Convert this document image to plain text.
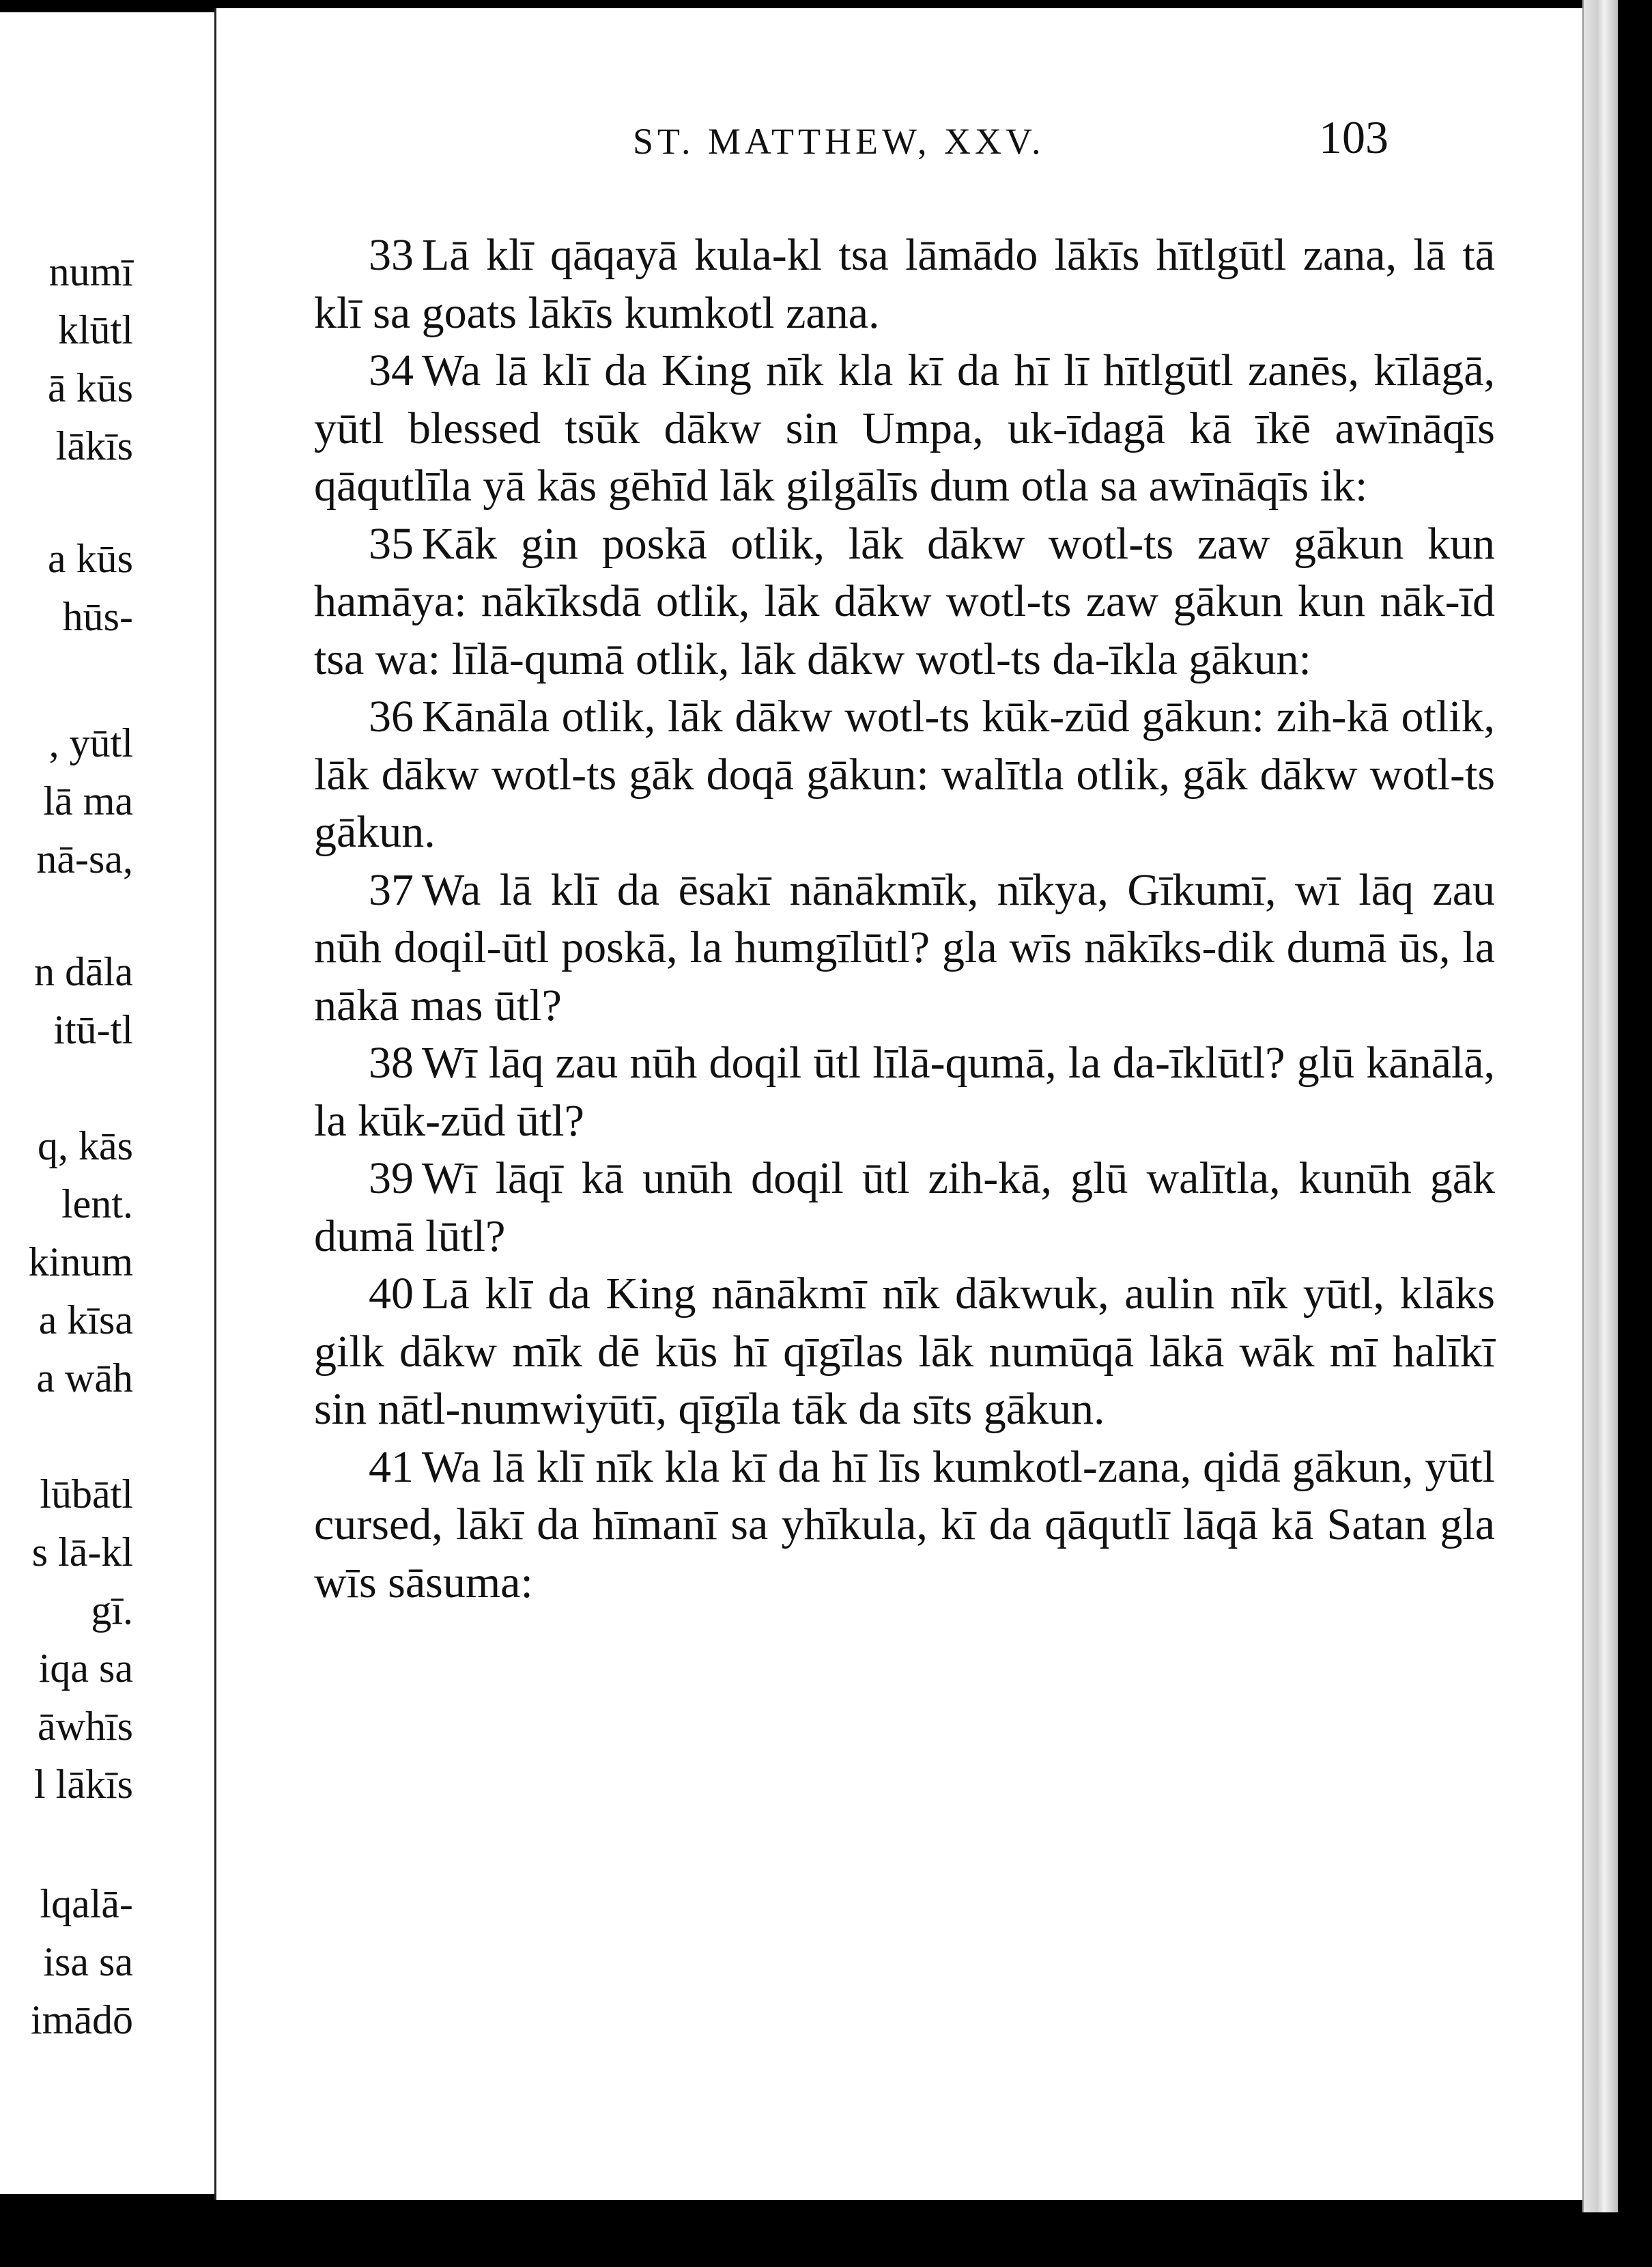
numī
klūtl
ā kūs
lākīs
a kūs
hūs-
, yūtl
lā ma
nā-sa,
n dāla
itū-tl
q, kās
lent.
kinum
a kīsa
a wāh
lūbātl
s lā-kl
gī.
iqa sa
āwhīs
l lākīs
lqalā-
isa sa
imādō
ST. MATTHEW, XXV.	103

33 Lā klī qāqayā kula-kl tsa lāmādo lākīs hītlgūtl zana, lā tā klī sa goats lākīs kumkotl zana.

34 Wa lā klī da King nīk kla kī da hī lī hītlgūtl zanēs, kīlāgā, yūtl blessed tsūk dākw sin Umpa, uk-īdagā kā īkē awīnāqīs qāqutlīla yā kās gēhīd lāk gilgālīs dum otla sa awīnāqīs ik:

35 Kāk gin poskā otlik, lāk dākw wotl-ts zaw gākun kun hamāya: nākīksdā otlik, lāk dākw wotl-ts zaw gākun kun nāk-īd tsa wa: līlā-qumā otlik, lāk dākw wotl-ts da-īkla gākun:

36 Kānāla otlik, lāk dākw wotl-ts kūk-zūd gākun: zih-kā otlik, lāk dākw wotl-ts gāk doqā gākun: walītla otlik, gāk dākw wotl-ts gākun.

37 Wa lā klī da ēsakī nānākmīk, nīkya, Gīkumī, wī lāq zau nūh doqil-ūtl poskā, la humgīlūtl? gla wīs nākīks-dik dumā ūs, la nākā mas ūtl?

38 Wī lāq zau nūh doqil ūtl līlā-qumā, la da-īklūtl? glū kānālā, la kūk-zūd ūtl?

39 Wī lāqī kā unūh doqil ūtl zih-kā, glū walītla, kunūh gāk dumā lūtl?

40 Lā klī da King nānākmī nīk dākwuk, aulin nīk yūtl, klāks gilk dākw mīk dē kūs hī qīgīlas lāk numūqā lākā wāk mī halīkī sin nātl-numwiyūtī, qīgīla tāk da sīts gākun.

41 Wa lā klī nīk kla kī da hī līs kumkotl-zana, qidā gākun, yūtl cursed, lākī da hīmanī sa yhīkula, kī da qāqutlī lāqā kā Satan gla wīs sāsuma:
